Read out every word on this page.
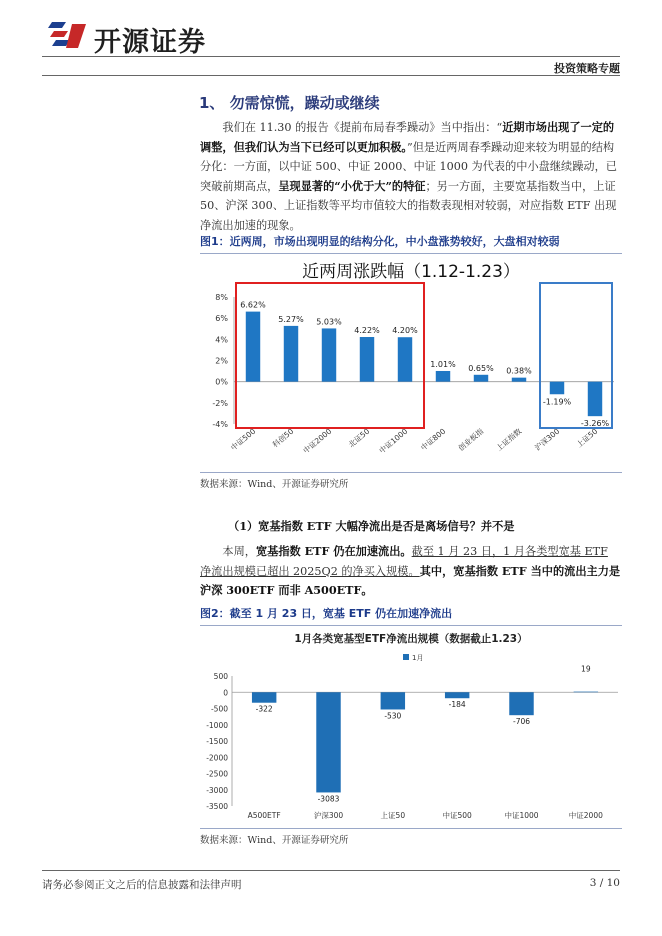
开源证券
投资策略专题
1、 勿需惊慌，躁动或继续

我们在 11.30 的报告《提前布局春季躁动》当中指出：“近期市场出现了一定的调整，但我们认为当下已经可以更加积极。”但是近两周春季躁动迎来较为明显的结构分化：一方面，以中证 500、中证 2000、中证 1000 为代表的中小盘继续躁动，已突破前期高点，呈现显著的“小优于大”的特征；另一方面，主要宽基指数当中，上证 50、沪深 300、上证指数等平均市值较大的指数表现相对较弱，对应指数 ETF 出现净流出加速的现象。

图1：近两周，市场出现明显的结构分化，中小盘涨势较好，大盘相对较弱
近两周涨跌幅（1.12-1.23）
8%
6%
4%
2%
0%
-2%
-4%
6.62%
5.27% 5.03%
4.22% 4.20%
1.01% 0.65% 0.38%
-1.19%
-3.26%
中证500 科创50 中证2000 北证50 中证1000 中证800 创业板指 上证指数 沪深300 上证50
数据来源：Wind、开源证券研究所
（1）宽基指数 ETF 大幅净流出是否是离场信号？并不是

本周，宽基指数 ETF 仍在加速流出。截至 1 月 23 日，1 月各类型宽基 ETF 净流出规模已超出 2025Q2 的净买入规模。其中，宽基指数 ETF 当中的流出主力是沪深 300ETF 而非 A500ETF。

图2：截至 1 月 23 日，宽基 ETF 仍在加速净流出
1月各类宽基型ETF净流出规模（数据截止1.23）
1月
500
0
-500
-1000
-1500
-2000
-2500
-3000
-3500
-322
-3083
-530
-184
-706
19
A500ETF	沪深300	上证50	中证500	中证1000	中证2000
数据来源：Wind、开源证券研究所
请务必参阅正文之后的信息披露和法律声明	3 / 10
